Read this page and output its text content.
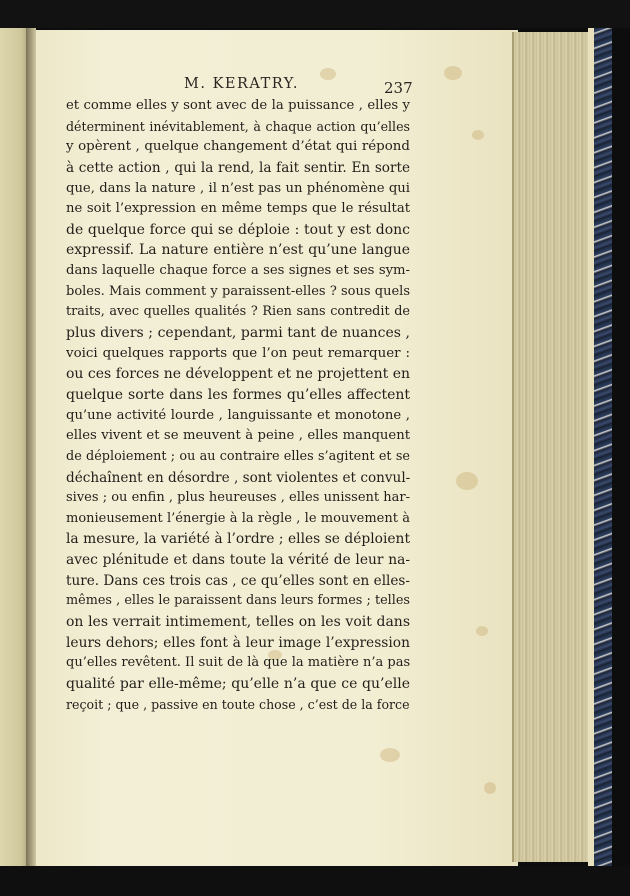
M. KERATRY.	237
et comme elles y sont avec de la puissance , elles y
déterminent inévitablement, à chaque action qu’elles
y opèrent , quelque changement d’état qui répond
à cette action , qui la rend, la fait sentir. En sorte
que, dans la nature , il n’est pas un phénomène qui
ne soit l’expression en même temps que le résultat
de quelque force qui se déploie : tout y est donc
expressif. La nature entière n’est qu’une langue
dans laquelle chaque force a ses signes et ses sym-
boles. Mais comment y paraissent-elles ? sous quels
traits, avec quelles qualités ? Rien sans contredit de
plus divers ; cependant, parmi tant de nuances ,
voici quelques rapports que l’on peut remarquer :
ou ces forces ne développent et ne projettent en
quelque sorte dans les formes qu’elles affectent
qu’une activité lourde , languissante et monotone ,
elles vivent et se meuvent à peine , elles manquent
de déploiement ; ou au contraire elles s’agitent et se
déchaînent en désordre , sont violentes et convul-
sives ; ou enfin , plus heureuses , elles unissent har-
monieusement l’énergie à la règle , le mouvement à
la mesure, la variété à l’ordre ; elles se déploient
avec plénitude et dans toute la vérité de leur na-
ture. Dans ces trois cas , ce qu’elles sont en elles-
mêmes , elles le paraissent dans leurs formes ; telles
on les verrait intimement, telles on les voit dans
leurs dehors; elles font à leur image l’expression
qu’elles revêtent. Il suit de là que la matière n’a pas
qualité par elle-même; qu’elle n’a que ce qu’elle
reçoit ; que , passive en toute chose , c’est de la force
